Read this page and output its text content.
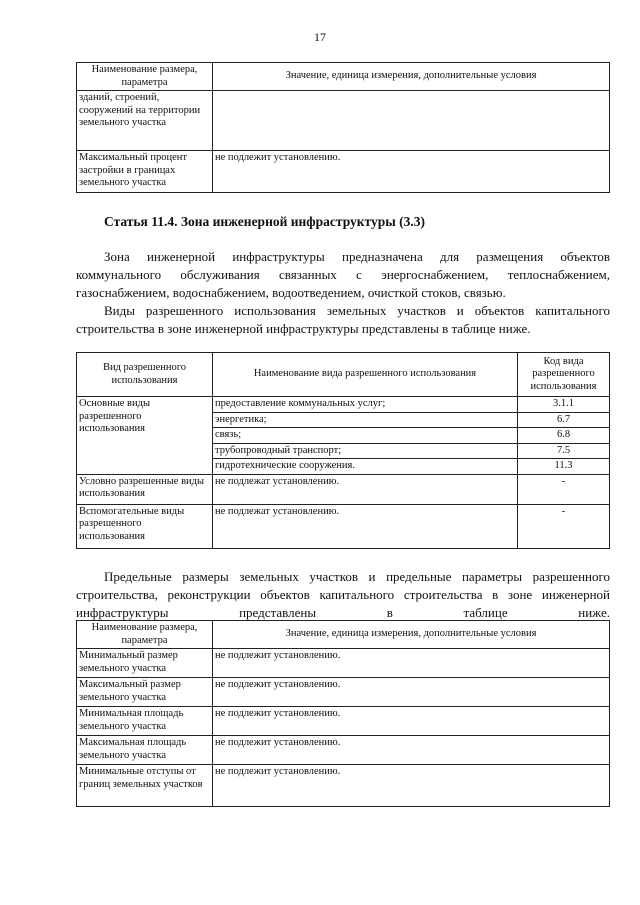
17
Наименование размера, параметра	Значение, единица измерения, дополнительные условия
зданий, строений, сооружений на территории земельного участка	
Максимальный процент застройки в границах земельного участка	не подлежит установлению.
Статья 11.4. Зона инженерной инфраструктуры (3.3)

Зона инженерной инфраструктуры предназначена для размещения объектов коммунального обслуживания связанных с энергоснабжением, теплоснабжением, газоснабжением, водоснабжением, водоотведением, очисткой стоков, связью.

Виды разрешенного использования земельных участков и объектов капитального строительства в зоне инженерной инфраструктуры представлены в таблице ниже.

Вид разрешенного использования	Наименование вида разрешенного использования	Код вида разрешенного использования
Основные виды разрешенного использования	предоставление коммунальных услуг;	3.1.1
	энергетика;	6.7
	связь;	6.8
	трубопроводный транспорт;	7.5
	гидротехнические сооружения.	11.3
Условно разрешенные виды использования	не подлежат установлению.	-
Вспомогательные виды разрешенного использования	не подлежат установлению.	-

Предельные размеры земельных участков и предельные параметры разрешенного строительства, реконструкции объектов капитального строительства в зоне инженерной инфраструктуры представлены в таблице ниже.

Наименование размера, параметра	Значение, единица измерения, дополнительные условия
Минимальный размер земельного участка	не подлежит установлению.
Максимальный размер земельного участка	не подлежит установлению.
Минимальная площадь земельного участка	не подлежит установлению.
Максимальная площадь земельного участка	не подлежит установлению.
Минимальные отступы от границ земельных участков	не подлежит установлению.
